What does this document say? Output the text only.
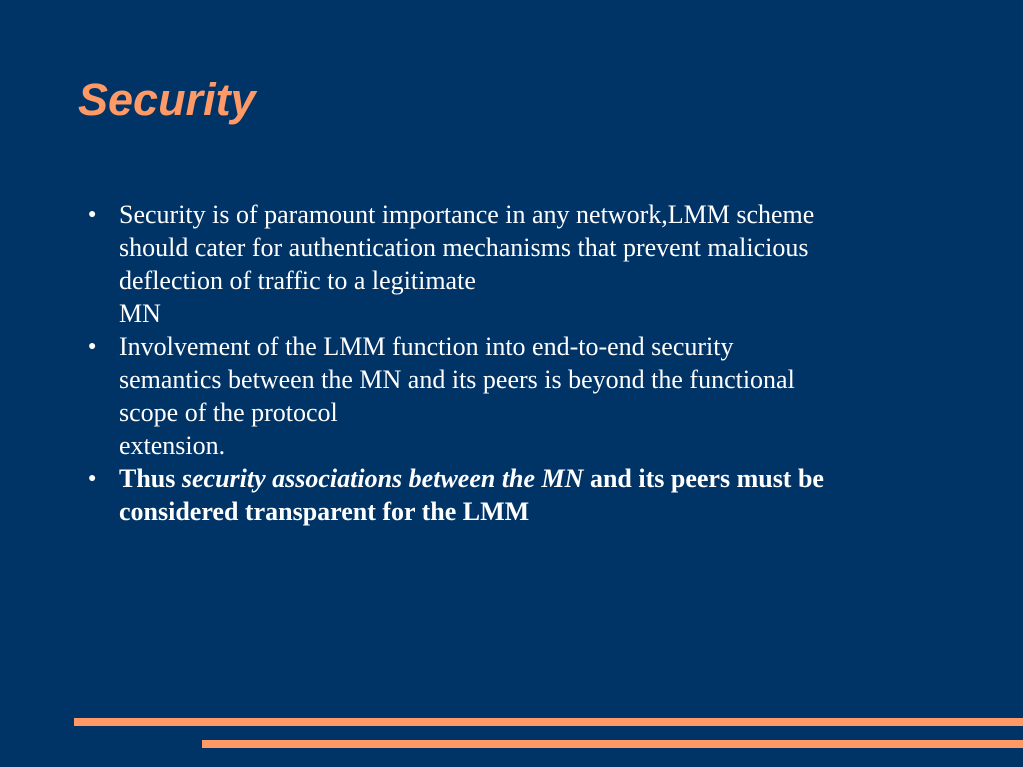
Security
● Security is of paramount importance in any network,LMM scheme
should cater for authentication mechanisms that prevent malicious
deflection of traffic to a legitimate
MN
● Involvement of the LMM function into end-to-end security
semantics between the MN and its peers is beyond the functional
scope of the protocol
extension.
● Thus security associations between the MN and its peers must be
considered transparent for the LMM
